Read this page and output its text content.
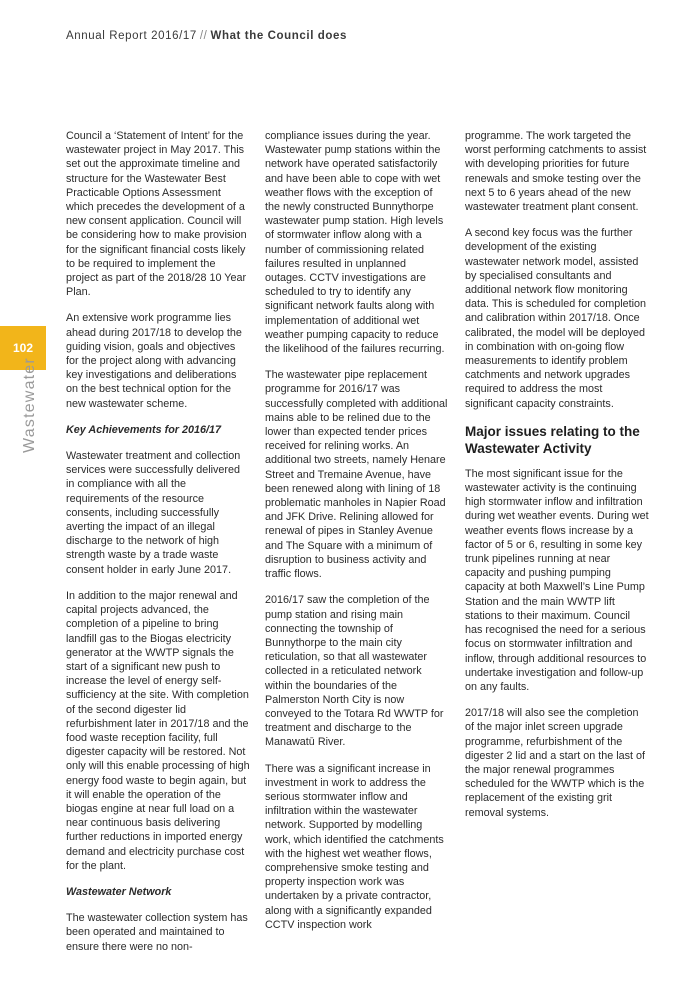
Annual Report 2016/17 // What the Council does
102
Wastewater

Council a ‘Statement of Intent’ for the wastewater project in May 2017. This set out the approximate timeline and structure for the Wastewater Best Practicable Options Assessment which precedes the development of a new consent application. Council will be considering how to make provision for the significant financial costs likely to be required to implement the project as part of the 2018/28 10 Year Plan.

An extensive work programme lies ahead during 2017/18 to develop the guiding vision, goals and objectives for the project along with advancing key investigations and deliberations on the best technical option for the new wastewater scheme.

Key Achievements for 2016/17

Wastewater treatment and collection services were successfully delivered in compliance with all the requirements of the resource consents, including successfully averting the impact of an illegal discharge to the network of high strength waste by a trade waste consent holder in early June 2017.

In addition to the major renewal and capital projects advanced, the completion of a pipeline to bring landfill gas to the Biogas electricity generator at the WWTP signals the start of a significant new push to increase the level of energy self-sufficiency at the site. With completion of the second digester lid refurbishment later in 2017/18 and the food waste reception facility, full digester capacity will be restored. Not only will this enable processing of high energy food waste to begin again, but it will enable the operation of the biogas engine at near full load on a near continuous basis delivering further reductions in imported energy demand and electricity purchase cost for the plant.

Wastewater Network

The wastewater collection system has been operated and maintained to ensure there were no non-

compliance issues during the year. Wastewater pump stations within the network have operated satisfactorily and have been able to cope with wet weather flows with the exception of the newly constructed Bunnythorpe wastewater pump station. High levels of stormwater inflow along with a number of commissioning related failures resulted in unplanned outages. CCTV investigations are scheduled to try to identify any significant network faults along with implementation of additional wet weather pumping capacity to reduce the likelihood of the failures recurring.

The wastewater pipe replacement programme for 2016/17 was successfully completed with additional mains able to be relined due to the lower than expected tender prices received for relining works. An additional two streets, namely Henare Street and Tremaine Avenue, have been renewed along with lining of 18 problematic manholes in Napier Road and JFK Drive. Relining allowed for renewal of pipes in Stanley Avenue and The Square with a minimum of disruption to business activity and traffic flows.

2016/17 saw the completion of the pump station and rising main connecting the township of Bunnythorpe to the main city reticulation, so that all wastewater collected in a reticulated network within the boundaries of the Palmerston North City is now conveyed to the Totara Rd WWTP for treatment and discharge to the Manawatū River.

There was a significant increase in investment in work to address the serious stormwater inflow and infiltration within the wastewater network. Supported by modelling work, which identified the catchments with the highest wet weather flows, comprehensive smoke testing and property inspection work was undertaken by a private contractor, along with a significantly expanded CCTV inspection work

programme. The work targeted the worst performing catchments to assist with developing priorities for future renewals and smoke testing over the next 5 to 6 years ahead of the new wastewater treatment plant consent.

A second key focus was the further development of the existing wastewater network model, assisted by specialised consultants and additional network flow monitoring data. This is scheduled for completion and calibration within 2017/18. Once calibrated, the model will be deployed in combination with on-going flow measurements to identify problem catchments and network upgrades required to address the most significant capacity constraints.

Major issues relating to the Wastewater Activity

The most significant issue for the wastewater activity is the continuing high stormwater inflow and infiltration during wet weather events. During wet weather events flows increase by a factor of 5 or 6, resulting in some key trunk pipelines running at near capacity and pushing pumping capacity at both Maxwell’s Line Pump Station and the main WWTP lift stations to their maximum. Council has recognised the need for a serious focus on stormwater infiltration and inflow, through additional resources to undertake investigation and follow-up on any faults.

2017/18 will also see the completion of the major inlet screen upgrade programme, refurbishment of the digester 2 lid and a start on the last of the major renewal programmes scheduled for the WWTP which is the replacement of the existing grit removal systems.
